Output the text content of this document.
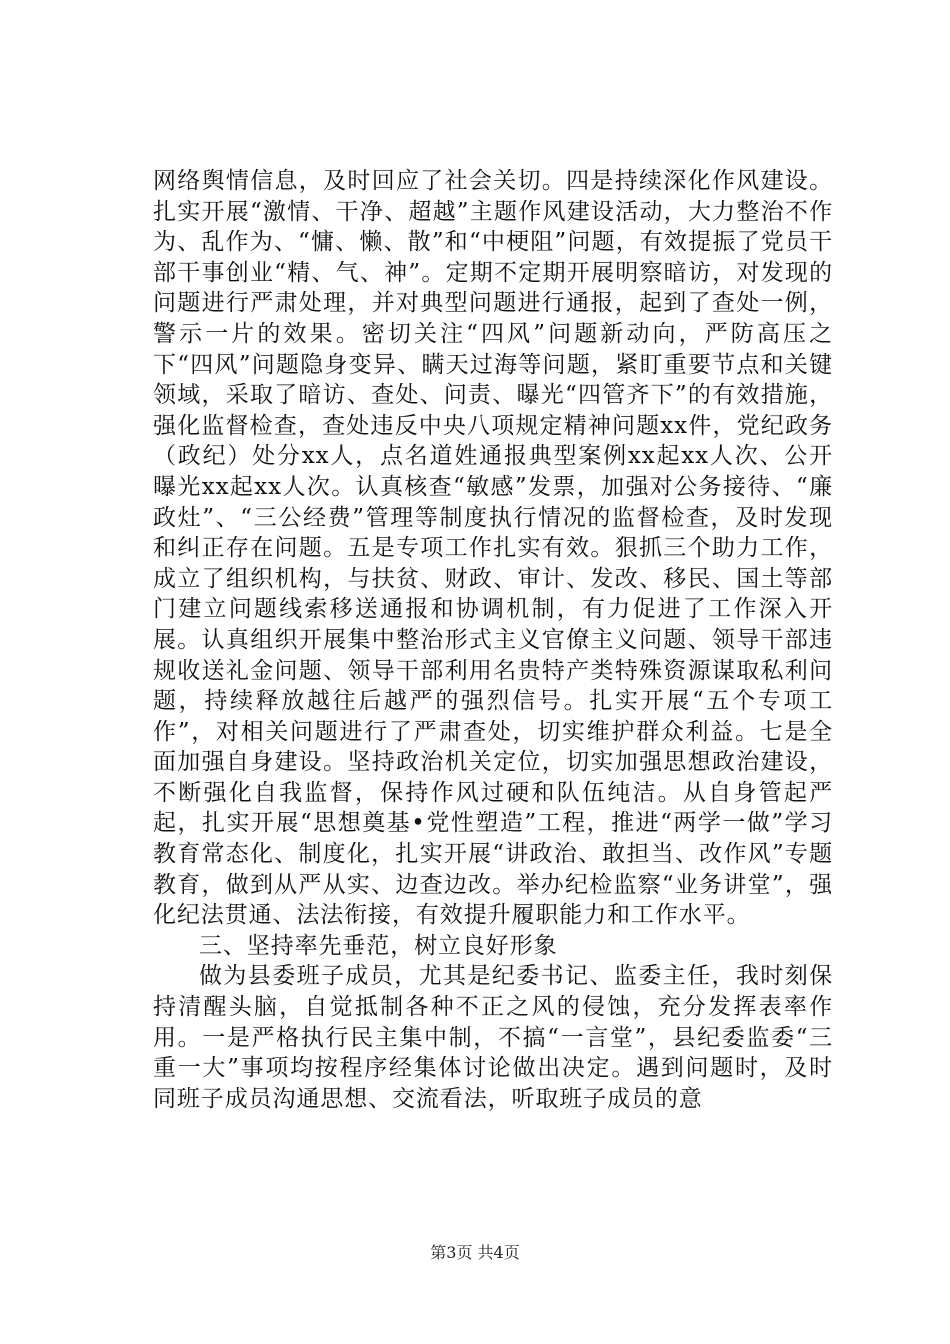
网络舆情信息，及时回应了社会关切。四是持续深化作风建设。扎实开展“激情、干净、超越”主题作风建设活动，大力整治不作为、乱作为、“慵、懒、散”和“中梗阻”问题，有效提振了党员干部干事创业“精、气、神”。定期不定期开展明察暗访，对发现的问题进行严肃处理，并对典型问题进行通报，起到了查处一例，警示一片的效果。密切关注“四风”问题新动向，严防高压之下“四风”问题隐身变异、瞒天过海等问题，紧盯重要节点和关键领域，采取了暗访、查处、问责、曝光“四管齐下”的有效措施，强化监督检查，查处违反中央八项规定精神问题xx件，党纪政务（政纪）处分xx人，点名道姓通报典型案例xx起xx人次、公开曝光xx起xx人次。认真核查“敏感”发票，加强对公务接待、“廉政灶”、“三公经费”管理等制度执行情况的监督检查，及时发现和纠正存在问题。五是专项工作扎实有效。狠抓三个助力工作，成立了组织机构，与扶贫、财政、审计、发改、移民、国土等部门建立问题线索移送通报和协调机制，有力促进了工作深入开展。认真组织开展集中整治形式主义官僚主义问题、领导干部违规收送礼金问题、领导干部利用名贵特产类特殊资源谋取私利问题，持续释放越往后越严的强烈信号。扎实开展“五个专项工作”，对相关问题进行了严肃查处，切实维护群众利益。七是全面加强自身建设。坚持政治机关定位，切实加强思想政治建设，不断强化自我监督，保持作风过硬和队伍纯洁。从自身管起严起，扎实开展“思想奠基•党性塑造”工程，推进“两学一做”学习教育常态化、制度化，扎实开展“讲政治、敢担当、改作风”专题教育，做到从严从实、边查边改。举办纪检监察“业务讲堂”，强化纪法贯通、法法衔接，有效提升履职能力和工作水平。

三、坚持率先垂范，树立良好形象

做为县委班子成员，尤其是纪委书记、监委主任，我时刻保持清醒头脑，自觉抵制各种不正之风的侵蚀，充分发挥表率作用。一是严格执行民主集中制，不搞“一言堂”，县纪委监委“三重一大”事项均按程序经集体讨论做出决定。遇到问题时，及时同班子成员沟通思想、交流看法，听取班子成员的意

第3页 共4页
